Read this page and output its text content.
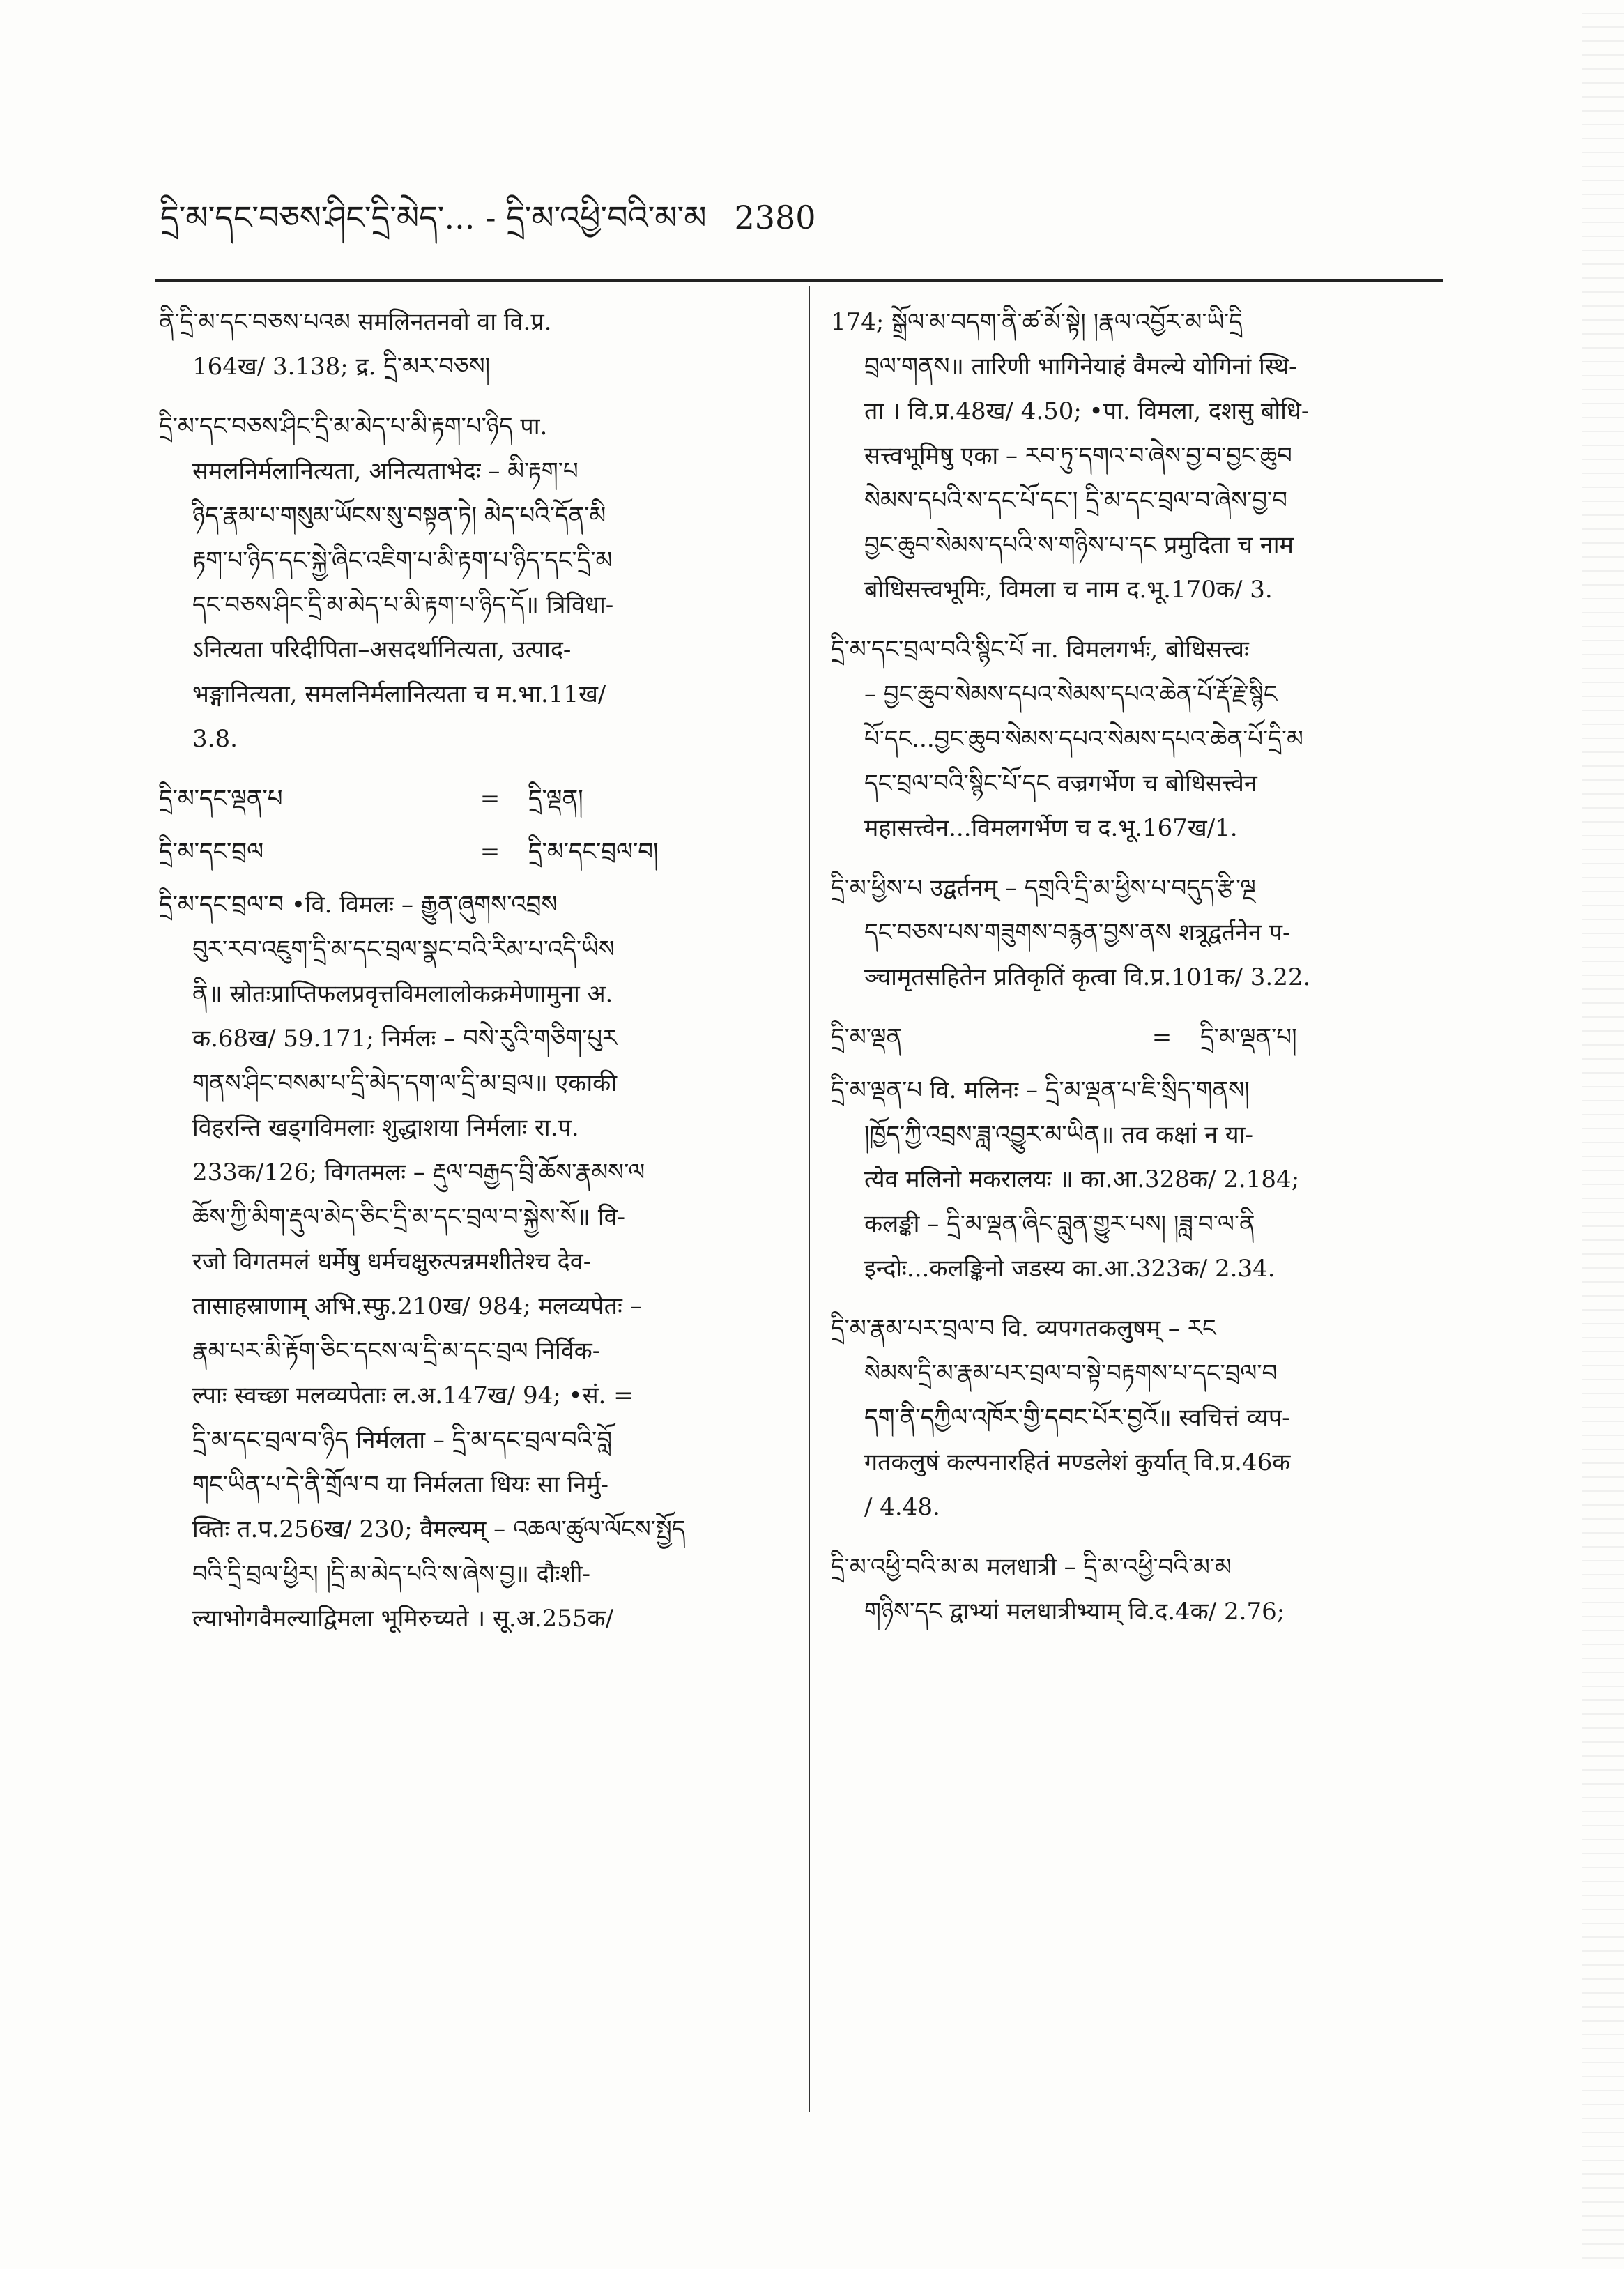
དྲི་མ་དང་བཅས་ཤིང་དྲི་མེད་... - དྲི་མ་འཕྱི་བའི་མ་མ 2380

ནི་དྲི་མ་དང་བཅས་པའམ समलिनतनवो वा वि.प्र.

164ख/ 3.138; द्र. དྲི་མར་བཅས།

དྲི་མ་དང་བཅས་ཤིང་དྲི་མ་མེད་པ་མི་རྟག་པ་ཉིད पा.

समलनिर्मलानित्यता, अनित्यताभेदः – མི་རྟག་པ

ཉིད་རྣམ་པ་གསུམ་ཡོངས་སུ་བསྟན་ཏེ། མེད་པའི་དོན་མི

རྟག་པ་ཉིད་དང་སྐྱེ་ཞིང་འཇིག་པ་མི་རྟག་པ་ཉིད་དང་དྲི་མ

དང་བཅས་ཤིང་དྲི་མ་མེད་པ་མི་རྟག་པ་ཉིད་དོ॥ त्रिविधा-

ऽनित्यता परिदीपिता–असदर्थानित्यता, उत्पाद-

भङ्गानित्यता, समलनिर्मलानित्यता च म.भा.11ख/

3.8.

དྲི་མ་དང་ལྡན་པ	=	དྲི་ལྡན།
དྲི་མ་དང་བྲལ	=	དྲི་མ་དང་བྲལ་བ།

དྲི་མ་དང་བྲལ་བ •वि. विमलः – རྒྱུན་ཞུགས་འབྲས

བུར་རབ་འཇུག་དྲི་མ་དང་བྲལ་སྣང་བའི་རིམ་པ་འདི་ཡིས

ནི॥ स्रोतःप्राप्तिफलप्रवृत्तविमलालोकक्रमेणामुना अ.

क.68ख/ 59.171; निर्मलः – བསེ་རུའི་གཅིག་པུར

གནས་ཤིང་བསམ་པ་དྲི་མེད་དག་ལ་དྲི་མ་བྲལ॥ एकाकी

विहरन्ति खड्गविमलाः शुद्धाशया निर्मलाः रा.प.

233क/126; विगतमलः – རྡུལ་བརྒྱད་བྲི་ཆོས་རྣམས་ལ

ཆོས་ཀྱི་མིག་རྡུལ་མེད་ཅིང་དྲི་མ་དང་བྲལ་བ་སྐྱེས་སོ॥ वि-

रजो विगतमलं धर्मेषु धर्मचक्षुरुत्पन्नमशीतेश्च देव-

तासाहस्राणाम् अभि.स्फु.210ख/ 984; मलव्यपेतः –

རྣམ་པར་མི་རྟོག་ཅིང་དངས་ལ་དྲི་མ་དང་བྲལ निर्विक-

ल्पाः स्वच्छा मलव्यपेताः ल.अ.147ख/ 94; •सं. =

དྲི་མ་དང་བྲལ་བ་ཉིད निर्मलता – དྲི་མ་དང་བྲལ་བའི་བློ

གང་ཡིན་པ་དེ་ནི་གྲོལ་བ या निर्मलता धियः सा निर्मु-

क्तिः त.प.256ख/ 230; वैमल्यम् – འཆལ་ཚུལ་ལོངས་སྤྱོད

བའི་དྲི་བྲལ་ཕྱིར། །དྲི་མ་མེད་པའི་ས་ཞེས་བྱ॥ दौःशी-

ल्याभोगवैमल्याद्विमला भूमिरुच्यते । सू.अ.255क/

174; སྒྲོལ་མ་བདག་ནི་ཚ་མོ་སྟེ། །རྣལ་འབྱོར་མ་ཡི་དྲི

བྲལ་གནས॥ तारिणी भागिनेयाहं वैमल्ये योगिनां स्थि-

ता । वि.प्र.48ख/ 4.50; •पा. विमला, दशसु बोधि-

सत्त्वभूमिषु एका – རབ་ཏུ་དགའ་བ་ཞེས་བྱ་བ་བྱང་ཆུབ

སེམས་དཔའི་ས་དང་པོ་དང་། དྲི་མ་དང་བྲལ་བ་ཞེས་བྱ་བ

བྱང་ཆུབ་སེམས་དཔའི་ས་གཉིས་པ་དང प्रमुदिता च नाम

बोधिसत्त्वभूमिः, विमला च नाम द.भू.170क/ 3.

དྲི་མ་དང་བྲལ་བའི་སྙིང་པོ ना. विमलगर्भः, बोधिसत्त्वः

– བྱང་ཆུབ་སེམས་དཔའ་སེམས་དཔའ་ཆེན་པོ་རྡོ་རྗེ་སྙིང

པོ་དང...བྱང་ཆུབ་སེམས་དཔའ་སེམས་དཔའ་ཆེན་པོ་དྲི་མ

དང་བྲལ་བའི་སྙིང་པོ་དང वज्रगर्भेण च बोधिसत्त्वेन

महासत्त्वेन...विमलगर्भेण च द.भू.167ख/1.

དྲི་མ་ཕྱིས་པ उद्वर्तनम् – དགྲའི་དྲི་མ་ཕྱིས་པ་བདུད་རྩི་ལྔ

དང་བཅས་པས་གཟུགས་བརྙན་བྱས་ནས शत्रूद्वर्तनेन प-

ञ्चामृतसहितेन प्रतिकृतिं कृत्वा वि.प्र.101क/ 3.22.

དྲི་མ་ལྡན	=	དྲི་མ་ལྡན་པ།

དྲི་མ་ལྡན་པ वि. मलिनः – དྲི་མ་ལྡན་པ་ཇི་སྲིད་གནས།

།ཁྱོད་ཀྱི་འབྲས་ཟླ་འབྱུར་མ་ཡིན॥ तव कक्षां न या-

त्येव मलिनो मकरालयः ॥ का.आ.328क/ 2.184;

कलङ्की – དྲི་མ་ལྡན་ཞིང་བླུན་གྱུར་པས། །ཟླ་བ་ལ་ནི

इन्दोः...कलङ्किनो जडस्य का.आ.323क/ 2.34.

དྲི་མ་རྣམ་པར་བྲལ་བ वि. व्यपगतकलुषम् – རང

སེམས་དྲི་མ་རྣམ་པར་བྲལ་བ་སྟེ་བརྟགས་པ་དང་བྲལ་བ

དག་ནི་དཀྱིལ་འཁོར་གྱི་དབང་པོར་བྱའོ॥ स्वचित्तं व्यप-

गतकलुषं कल्पनारहितं मण्डलेशं कुर्यात् वि.प्र.46क

/ 4.48.

དྲི་མ་འཕྱི་བའི་མ་མ मलधात्री – དྲི་མ་འཕྱི་བའི་མ་མ

གཉིས་དང द्वाभ्यां मलधात्रीभ्याम् वि.द.4क/ 2.76;
